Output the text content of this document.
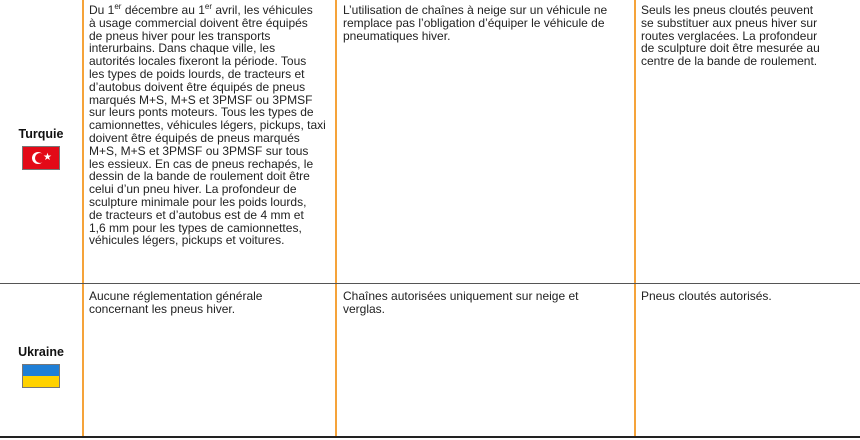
Turquie
★
Du 1er décembre au 1er avril, les véhicules
à usage commercial doivent être équipés
de pneus hiver pour les transports
interurbains. Dans chaque ville, les
autorités locales fixeront la période. Tous
les types de poids lourds, de tracteurs et
d’autobus doivent être équipés de pneus
marqués M+S, M+S et 3PMSF ou 3PMSF
sur leurs ponts moteurs. Tous les types de
camionnettes, véhicules légers, pickups, taxi
doivent être équipés de pneus marqués
M+S, M+S et 3PMSF ou 3PMSF sur tous
les essieux. En cas de pneus rechapés, le
dessin de la bande de roulement doit être
celui d’un pneu hiver. La profondeur de
sculpture minimale pour les poids lourds,
de tracteurs et d’autobus est de 4 mm et
1,6 mm pour les types de camionnettes,
véhicules légers, pickups et voitures.
L’utilisation de chaînes à neige sur un véhicule ne
remplace pas l’obligation d’équiper le véhicule de
pneumatiques hiver.
Seuls les pneus cloutés peuvent
se substituer aux pneus hiver sur
routes verglacées. La profondeur
de sculpture doit être mesurée au
centre de la bande de roulement.
Ukraine
Aucune réglementation générale
concernant les pneus hiver.
Chaînes autorisées uniquement sur neige et
verglas.
Pneus cloutés autorisés.
